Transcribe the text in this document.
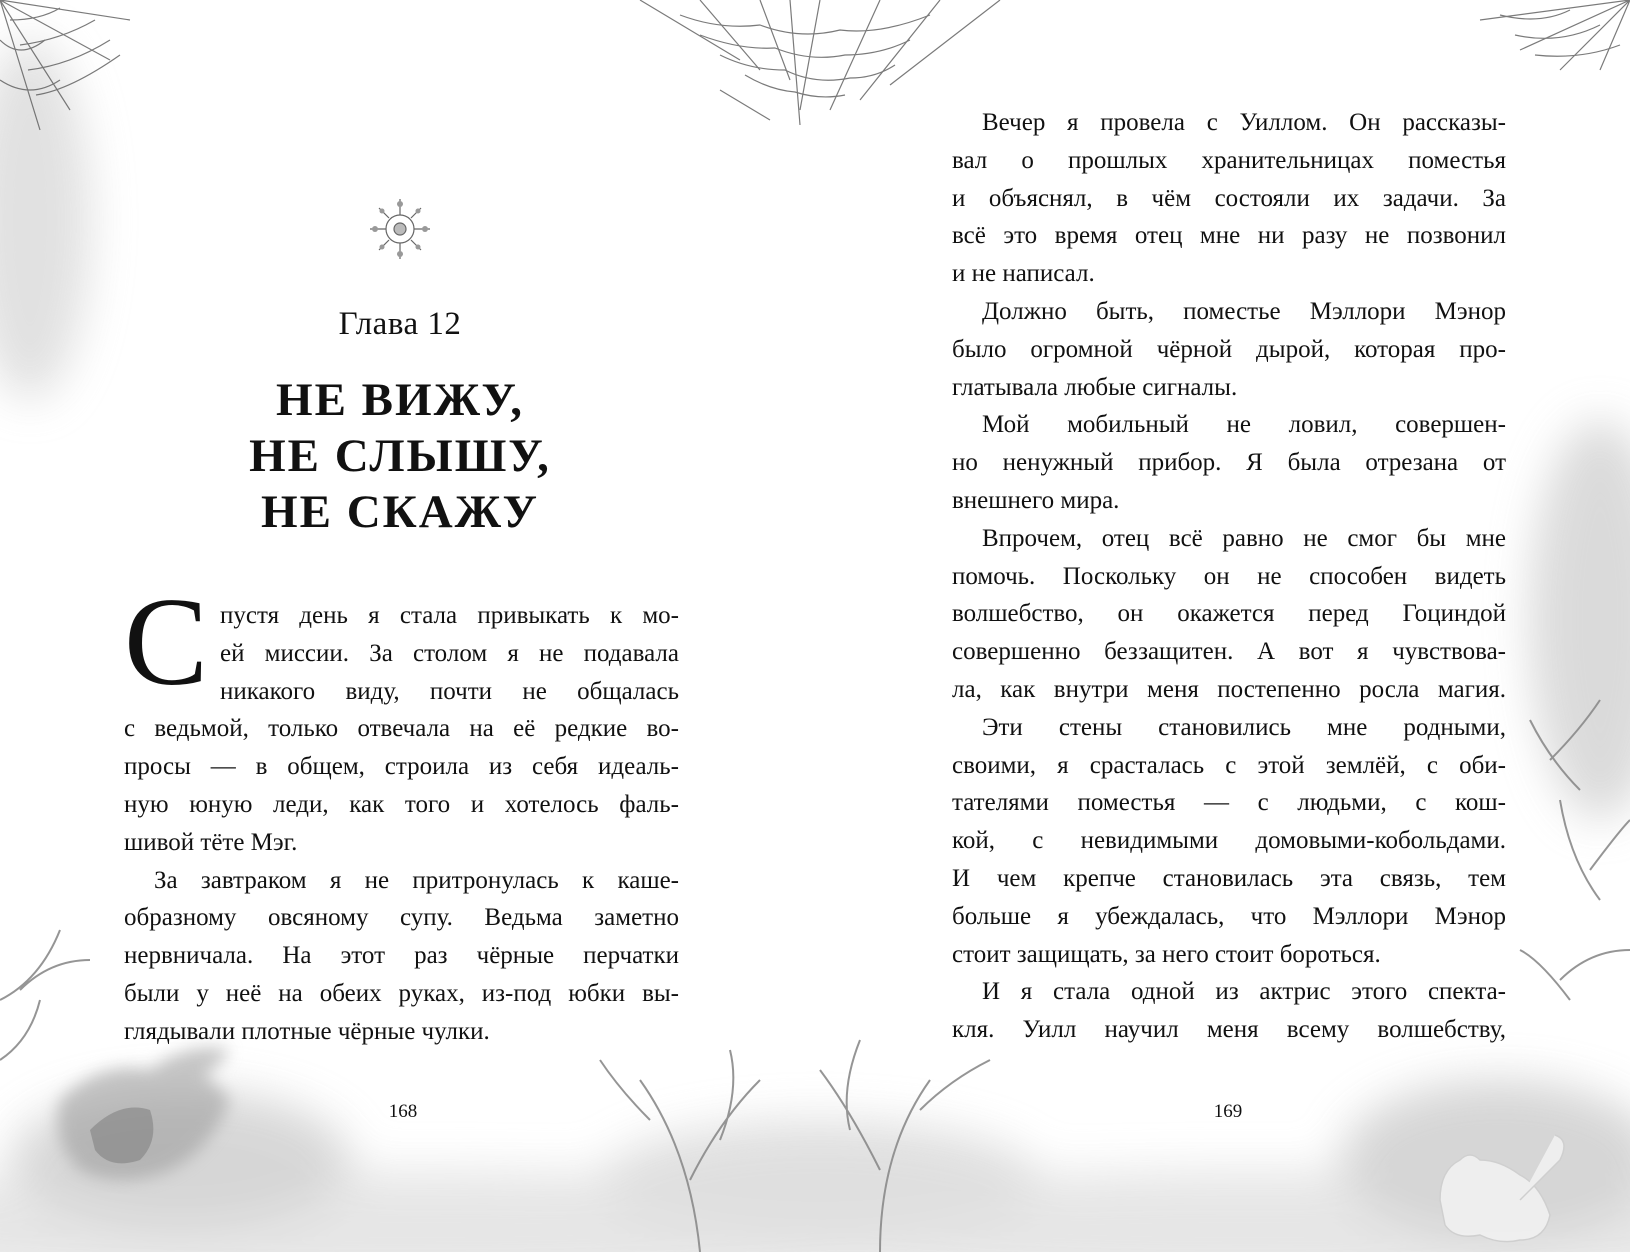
Глава 12
НЕ ВИЖУ,
НЕ СЛЫШУ,
НЕ СКАЖУ
С пустя день я стала привыкать к мо-
ей миссии. За столом я не подавала
никакого виду, почти не общалась
с ведьмой, только отвечала на её редкие во-
просы — в общем, строила из себя идеаль-
ную юную леди, как того и хотелось фаль-
шивой тёте Мэг.

За завтраком я не притронулась к каше-
образному овсяному супу. Ведьма заметно
нервничала. На этот раз чёрные перчатки
были у неё на обеих руках, из-под юбки вы-
глядывали плотные чёрные чулки.

168

Вечер я провела с Уиллом. Он рассказы-
вал о прошлых хранительницах поместья
и объяснял, в чём состояли их задачи. За
всё это время отец мне ни разу не позвонил
и не написал.

Должно быть, поместье Мэллори Мэнор
было огромной чёрной дырой, которая про-
глатывала любые сигналы.

Мой мобильный не ловил, совершен-
но ненужный прибор. Я была отрезана от
внешнего мира.

Впрочем, отец всё равно не смог бы мне
помочь. Поскольку он не способен видеть
волшебство, он окажется перед Гоциндой
совершенно беззащитен. А вот я чувствова-
ла, как внутри меня постепенно росла магия.

Эти стены становились мне родными,
своими, я срасталась с этой землёй, с оби-
тателями поместья — с людьми, с кош-
кой, с невидимыми домовыми-кобольдами.
И чем крепче становилась эта связь, тем
больше я убеждалась, что Мэллори Мэнор
стоит защищать, за него стоит бороться.

И я стала одной из актрис этого спекта-
кля. Уилл научил меня всему волшебству,

169
